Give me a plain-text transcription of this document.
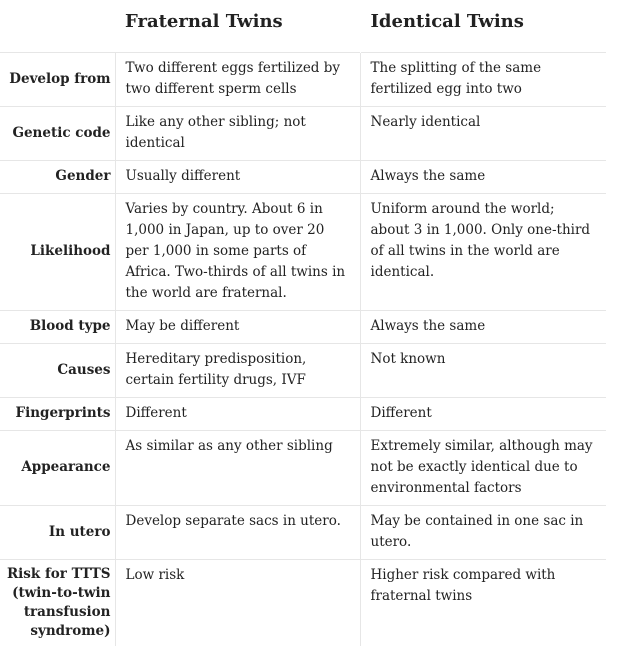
	Fraternal Twins	Identical Twins
Develop from	Two different eggs fertilized by two different sperm cells	The splitting of the same fertilized egg into two
Genetic code	Like any other sibling; not identical	Nearly identical
Gender	Usually different	Always the same
Likelihood	Varies by country. About 6 in 1,000 in Japan, up to over 20 per 1,000 in some parts of Africa. Two-thirds of all twins in the world are fraternal.	Uniform around the world; about 3 in 1,000. Only one-third of all twins in the world are identical.
Blood type	May be different	Always the same
Causes	Hereditary predisposition, certain fertility drugs, IVF	Not known
Fingerprints	Different	Different
Appearance	As similar as any other sibling	Extremely similar, although may not be exactly identical due to environmental factors
In utero	Develop separate sacs in utero.	May be contained in one sac in utero.
Risk for TTTS (twin-to-twin transfusion syndrome)	Low risk	Higher risk compared with fraternal twins
